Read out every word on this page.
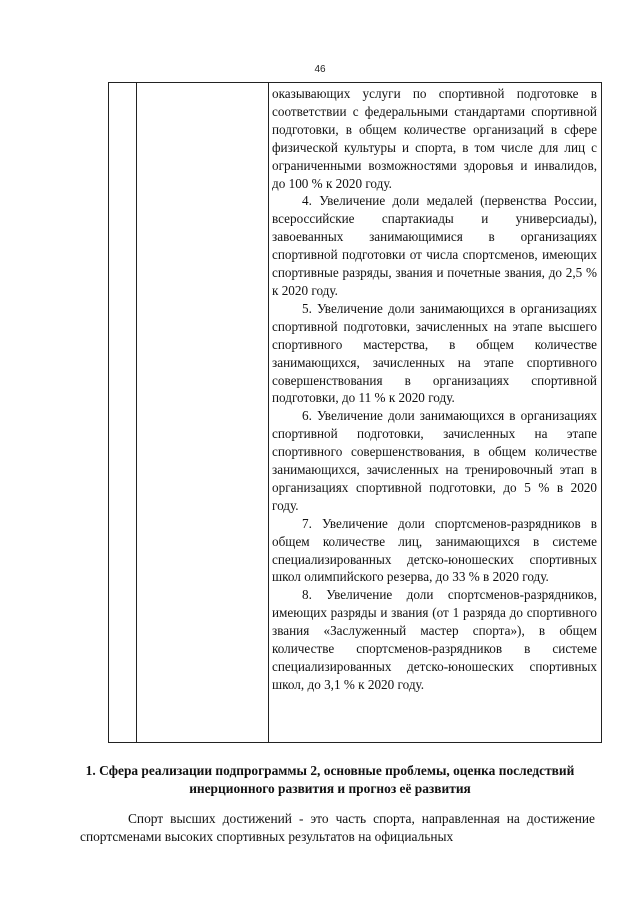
46

оказывающих услуги по спортивной подготовке в соответствии с федеральными стандартами спортивной подготовки, в общем количестве организаций в сфере физической культуры и спорта, в том числе для лиц с ограниченными возможностями здоровья и инвалидов, до 100 % к 2020 году.

4. Увеличение доли медалей (первенства России, всероссийские спартакиады и универсиады), завоеванных занимающимися в организациях спортивной подготовки от числа спортсменов, имеющих спортивные разряды, звания и почетные звания, до 2,5 % к 2020 году.

5. Увеличение доли занимающихся в организациях спортивной подготовки, зачисленных на этапе высшего спортивного мастерства, в общем количестве занимающихся, зачисленных на этапе спортивного совершенствования в организациях спортивной подготовки, до 11 % к 2020 году.

6. Увеличение доли занимающихся в организациях спортивной подготовки, зачисленных на этапе спортивного совершенствования, в общем количестве занимающихся, зачисленных на тренировочный этап в организациях спортивной подготовки, до 5 % в 2020 году.

7. Увеличение доли спортсменов-разрядников в общем количестве лиц, занимающихся в системе специализированных детско-юношеских спортивных школ олимпийского резерва, до 33 % в 2020 году.

8. Увеличение доли спортсменов-разрядников, имеющих разряды и звания (от 1 разряда до спортивного звания «Заслуженный мастер спорта»), в общем количестве спортсменов-разрядников в системе специализированных детско-юношеских спортивных школ, до 3,1 % к 2020 году.

1. Сфера реализации подпрограммы 2, основные проблемы, оценка последствий инерционного развития и прогноз её развития

Спорт высших достижений - это часть спорта, направленная на достижение спортсменами высоких спортивных результатов на официальных
